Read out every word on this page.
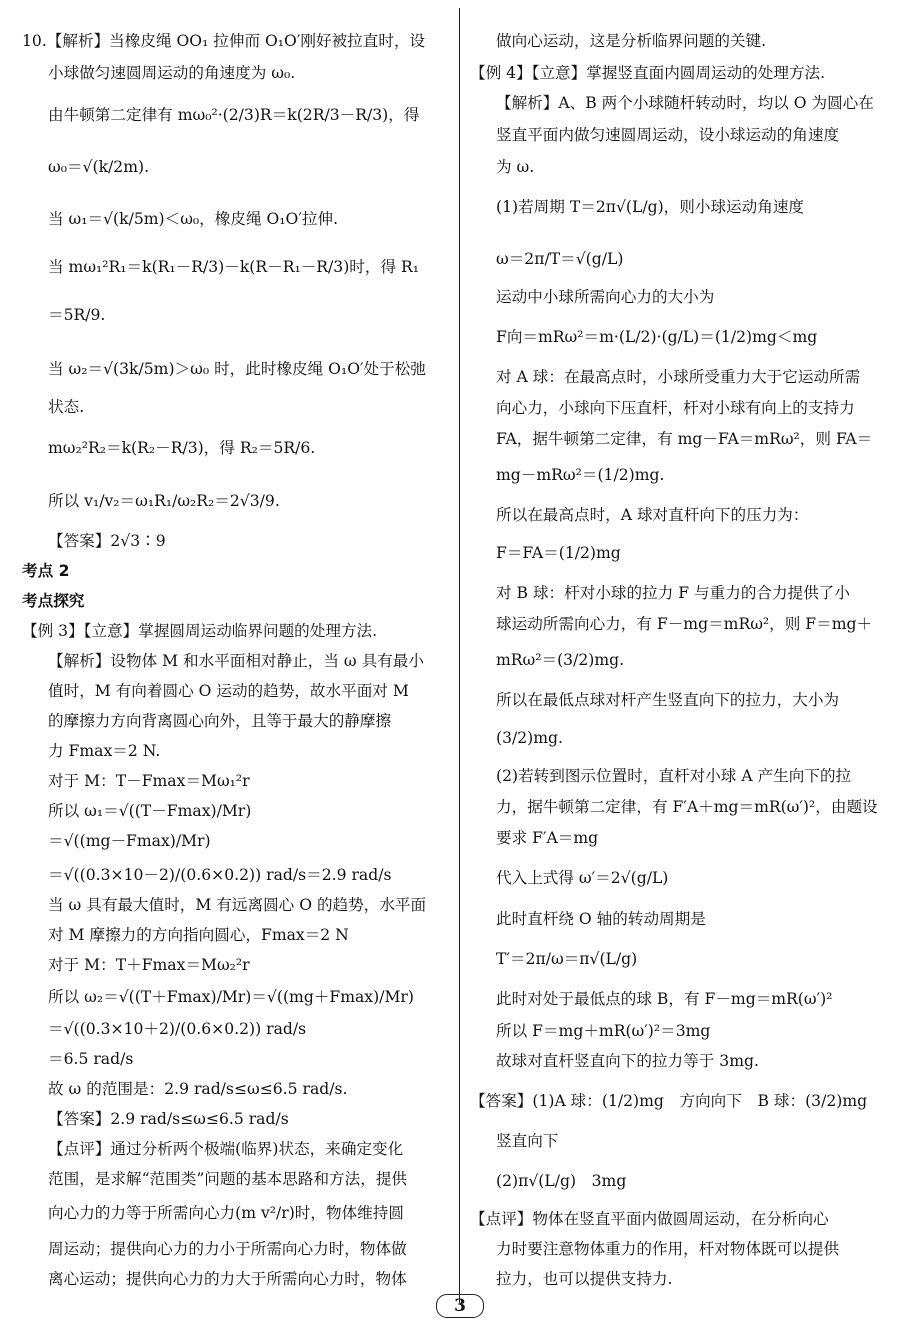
10.【解析】当橡皮绳 OO₁ 拉伸而 O₁O′刚好被拉直时，设
小球做匀速圆周运动的角速度为 ω₀.
由牛顿第二定律有 mω₀²·(2/3)R＝k(2R/3－R/3)，得
ω₀＝√(k/2m).
当 ω₁＝√(k/5m)＜ω₀，橡皮绳 O₁O′拉伸.
当 mω₁²R₁＝k(R₁－R/3)－k(R－R₁－R/3)时，得 R₁
＝5R/9.
当 ω₂＝√(3k/5m)＞ω₀ 时，此时橡皮绳 O₁O′处于松弛
状态.
mω₂²R₂＝k(R₂－R/3)，得 R₂＝5R/6.
所以 v₁/v₂＝ω₁R₁/ω₂R₂＝2√3/9.
【答案】2√3∶9
考点 2
考点探究
【例 3】【立意】掌握圆周运动临界问题的处理方法.
【解析】设物体 M 和水平面相对静止，当 ω 具有最小
值时，M 有向着圆心 O 运动的趋势，故水平面对 M
的摩擦力方向背离圆心向外，且等于最大的静摩擦
力 Fmax＝2 N.
对于 M：T－Fmax＝Mω₁²r
所以 ω₁＝√((T－Fmax)/Mr)
＝√((mg－Fmax)/Mr)
＝√((0.3×10－2)/(0.6×0.2)) rad/s＝2.9 rad/s
当 ω 具有最大值时，M 有远离圆心 O 的趋势，水平面
对 M 摩擦力的方向指向圆心，Fmax＝2 N
对于 M：T＋Fmax＝Mω₂²r
所以 ω₂＝√((T＋Fmax)/Mr)＝√((mg＋Fmax)/Mr)
＝√((0.3×10＋2)/(0.6×0.2)) rad/s
＝6.5 rad/s
故 ω 的范围是：2.9 rad/s≤ω≤6.5 rad/s.
【答案】2.9 rad/s≤ω≤6.5 rad/s
【点评】通过分析两个极端(临界)状态，来确定变化
范围，是求解“范围类”问题的基本思路和方法，提供
向心力的力等于所需向心力(m v²/r)时，物体维持圆
周运动；提供向心力的力小于所需向心力时，物体做
离心运动；提供向心力的力大于所需向心力时，物体
做向心运动，这是分析临界问题的关键.
【例 4】【立意】掌握竖直面内圆周运动的处理方法.
【解析】A、B 两个小球随杆转动时，均以 O 为圆心在
竖直平面内做匀速圆周运动，设小球运动的角速度
为 ω.
(1)若周期 T＝2π√(L/g)，则小球运动角速度
ω＝2π/T＝√(g/L)
运动中小球所需向心力的大小为
F向＝mRω²＝m·(L/2)·(g/L)＝(1/2)mg＜mg
对 A 球：在最高点时，小球所受重力大于它运动所需
向心力，小球向下压直杆，杆对小球有向上的支持力
FA，据牛顿第二定律，有 mg－FA＝mRω²，则 FA＝
mg－mRω²＝(1/2)mg.
所以在最高点时，A 球对直杆向下的压力为：
F＝FA＝(1/2)mg
对 B 球：杆对小球的拉力 F 与重力的合力提供了小
球运动所需向心力，有 F－mg＝mRω²，则 F＝mg＋
mRω²＝(3/2)mg.
所以在最低点球对杆产生竖直向下的拉力，大小为
(3/2)mg.
(2)若转到图示位置时，直杆对小球 A 产生向下的拉
力，据牛顿第二定律，有 F′A＋mg＝mR(ω′)²，由题设
要求 F′A＝mg
代入上式得 ω′＝2√(g/L)
此时直杆绕 O 轴的转动周期是
T′＝2π/ω＝π√(L/g)
此时对处于最低点的球 B，有 F－mg＝mR(ω′)²
所以 F＝mg＋mR(ω′)²＝3mg
故球对直杆竖直向下的拉力等于 3mg.
【答案】(1)A 球：(1/2)mg　方向向下　B 球：(3/2)mg
竖直向下
(2)π√(L/g)　3mg
【点评】物体在竖直平面内做圆周运动，在分析向心
力时要注意物体重力的作用，杆对物体既可以提供
拉力，也可以提供支持力.
3
